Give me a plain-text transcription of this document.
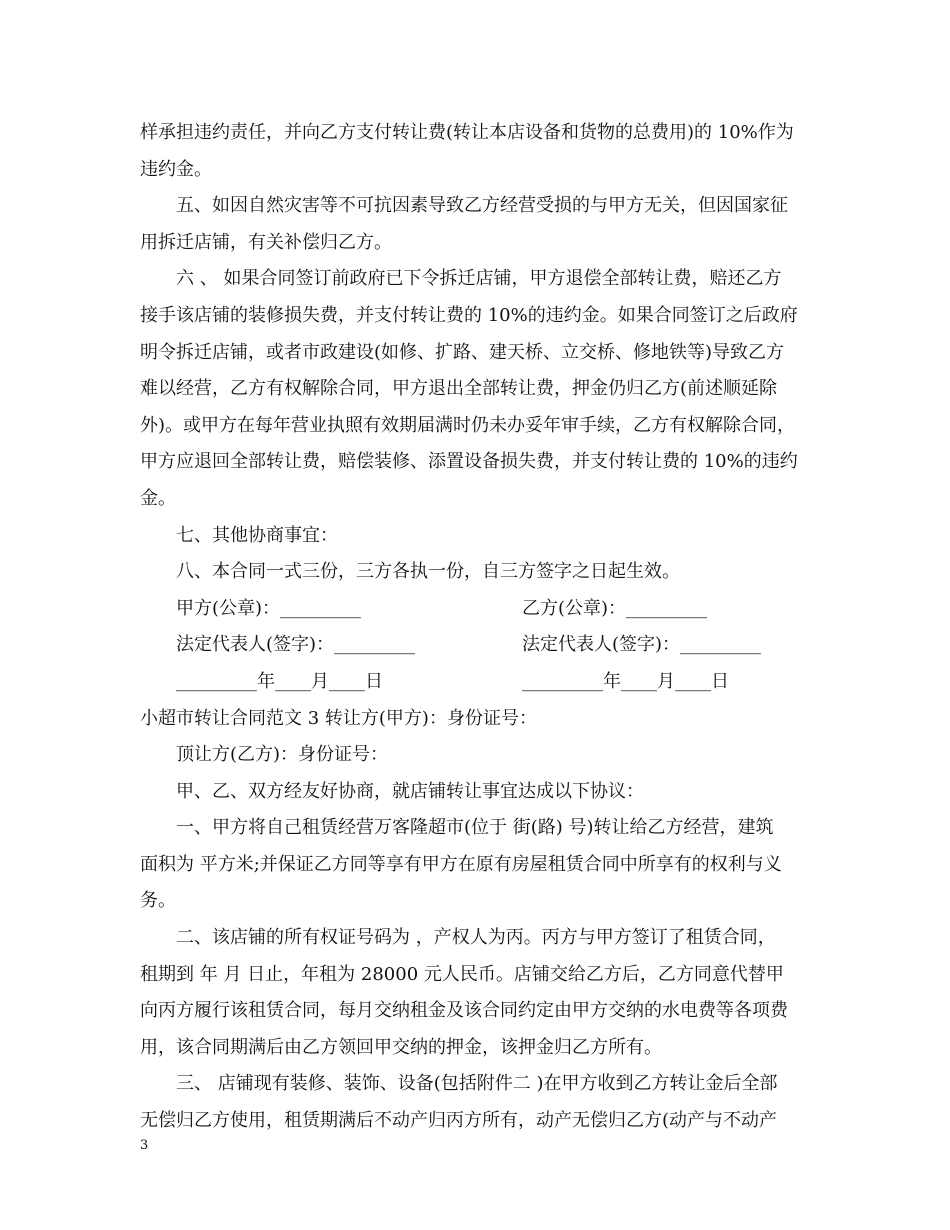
样承担违约责任，并向乙方支付转让费(转让本店设备和货物的总费用)的 10%作为
违约金。
五、如因自然灾害等不可抗因素导致乙方经营受损的与甲方无关，但因国家征
用拆迁店铺，有关补偿归乙方。
六 、 如果合同签订前政府已下令拆迁店铺，甲方退偿全部转让费，赔还乙方
接手该店铺的装修损失费，并支付转让费的 10%的违约金。如果合同签订之后政府
明令拆迁店铺，或者市政建设(如修、扩路、建天桥、立交桥、修地铁等)导致乙方
难以经营，乙方有权解除合同，甲方退出全部转让费，押金仍归乙方(前述顺延除
外)。或甲方在每年营业执照有效期届满时仍未办妥年审手续，乙方有权解除合同，
甲方应退回全部转让费，赔偿装修、添置设备损失费，并支付转让费的 10%的违约
金。
七、其他协商事宜：
八、本合同一式三份，三方各执一份，自三方签字之日起生效。
甲方(公章)：_________	乙方(公章)：_________
法定代表人(签字)：_________	法定代表人(签字)：_________
_________年____月____日	_________年____月____日
小超市转让合同范文 3 转让方(甲方)：身份证号：
顶让方(乙方)：身份证号：
甲、乙、双方经友好协商，就店铺转让事宜达成以下协议：
一、甲方将自己租赁经营万客隆超市(位于 街(路) 号)转让给乙方经营，建筑
面积为 平方米;并保证乙方同等享有甲方在原有房屋租赁合同中所享有的权利与义
务。
二、该店铺的所有权证号码为 ，产权人为丙。丙方与甲方签订了租赁合同，
租期到 年 月 日止，年租为 28000 元人民币。店铺交给乙方后，乙方同意代替甲
向丙方履行该租赁合同，每月交纳租金及该合同约定由甲方交纳的水电费等各项费
用，该合同期满后由乙方领回甲交纳的押金，该押金归乙方所有。
三、 店铺现有装修、装饰、设备(包括附件二 )在甲方收到乙方转让金后全部
无偿归乙方使用，租赁期满后不动产归丙方所有，动产无偿归乙方(动产与不动产
3
